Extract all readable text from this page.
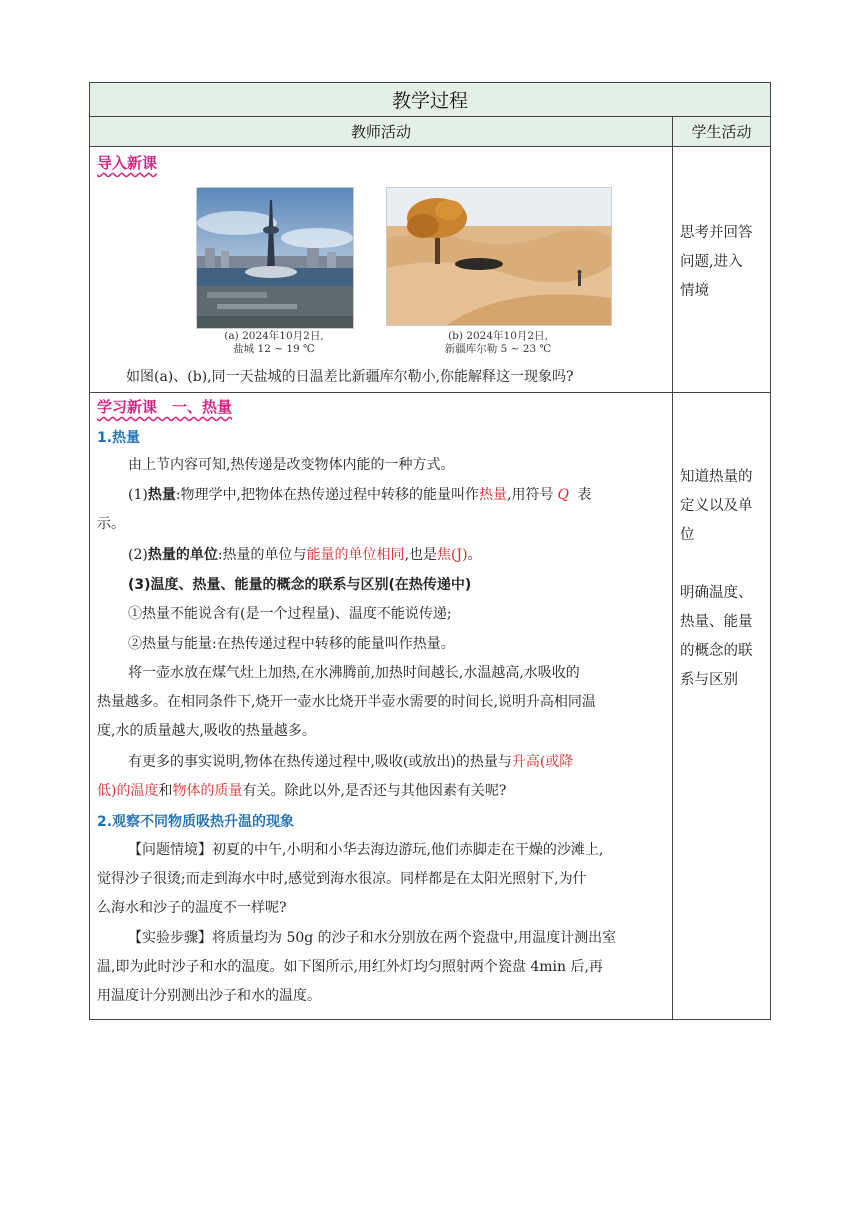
教学过程
教师活动	学生活动
导入新课
(a) 2024年10月2日,
盐城 12 ~ 19 ℃
(b) 2024年10月2日,
新疆库尔勒 5 ~ 23 ℃
如图(a)、(b),同一天盐城的日温差比新疆库尔勒小,你能解释这一现象吗?
思考并回答
问题,进入
情境
学习新课　一、热量
1.热量
由上节内容可知,热传递是改变物体内能的一种方式。
(1)热量:物理学中,把物体在热传递过程中转移的能量叫作热量,用符号 Q 表
示。
(2)热量的单位:热量的单位与能量的单位相同,也是焦(J)。
(3)温度、热量、能量的概念的联系与区别(在热传递中)
①热量不能说含有(是一个过程量)、温度不能说传递;
②热量与能量:在热传递过程中转移的能量叫作热量。
将一壶水放在煤气灶上加热,在水沸腾前,加热时间越长,水温越高,水吸收的
热量越多。在相同条件下,烧开一壶水比烧开半壶水需要的时间长,说明升高相同温
度,水的质量越大,吸收的热量越多。
有更多的事实说明,物体在热传递过程中,吸收(或放出)的热量与升高(或降
低)的温度和物体的质量有关。除此以外,是否还与其他因素有关呢?
2.观察不同物质吸热升温的现象
【问题情境】初夏的中午,小明和小华去海边游玩,他们赤脚走在干燥的沙滩上,
觉得沙子很烫;而走到海水中时,感觉到海水很凉。同样都是在太阳光照射下,为什
么海水和沙子的温度不一样呢?
【实验步骤】将质量均为 50g 的沙子和水分别放在两个瓷盘中,用温度计测出室
温,即为此时沙子和水的温度。如下图所示,用红外灯均匀照射两个瓷盘 4min 后,再
用温度计分别测出沙子和水的温度。
知道热量的
定义以及单
位
明确温度、
热量、能量
的概念的联
系与区别
